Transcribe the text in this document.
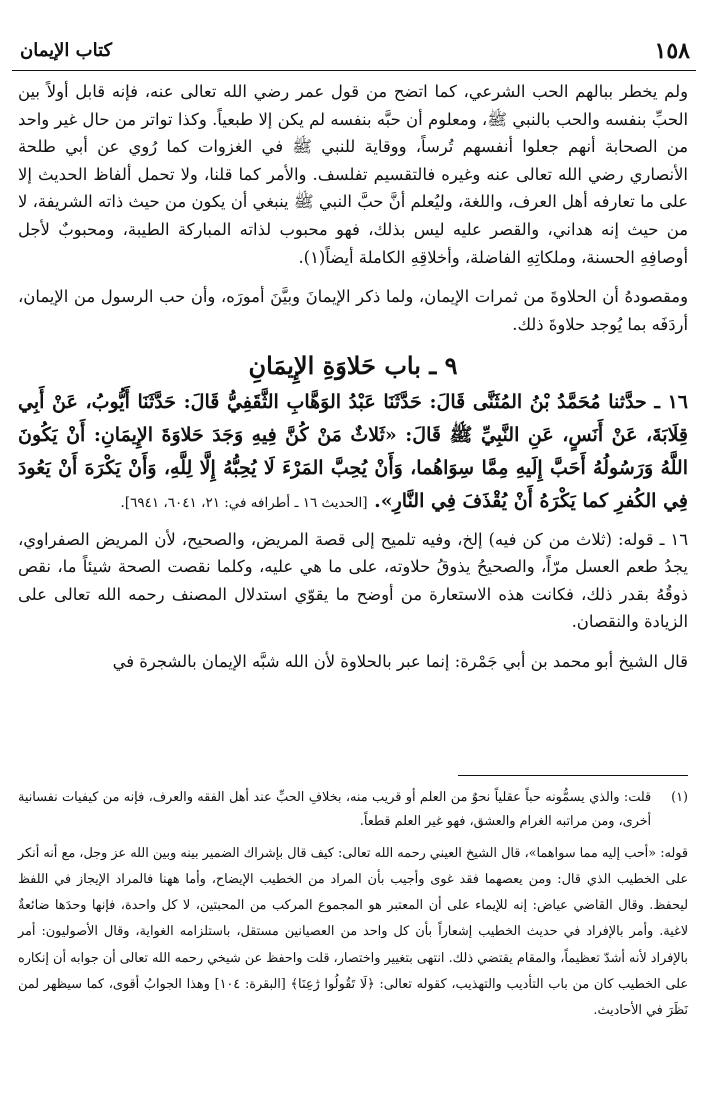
١٥٨
كتاب الإيمان

ولم يخطر ببالهم الحب الشرعي، كما اتضح من قول عمر رضي الله تعالى عنه، فإنه قابل أولاً بين الحبِّ بنفسه والحب بالنبي ﷺ، ومعلوم أن حبَّه بنفسه لم يكن إلا طبعياً. وكذا تواتر من حال غير واحد من الصحابة أنهم جعلوا أنفسهم تُرساً، ووقاية للنبي ﷺ في الغزوات كما رُوي عن أبي طلحة الأنصاري رضي الله تعالى عنه وغيره فالتقسيم تفلسف. والأمر كما قلنا، ولا تحمل ألفاظ الحديث إلا على ما تعارفه أهل العرف، واللغة، وليُعلم أنَّ حبَّ النبي ﷺ ينبغي أن يكون من حيث ذاته الشريفة، لا من حيث إنه هداني، والقصر عليه ليس بذلك، فهو محبوب لذاته المباركة الطيبة، ومحبوبٌ لأجل أوصافِهِ الحسنة، وملكاتِهِ الفاضلة، وأخلاقِهِ الكاملة أيضاً(١).

ومقصودهُ أن الحلاوةَ من ثمرات الإيمان، ولما ذكر الإيمانَ وبيَّنَ أمورَه، وأن حب الرسول من الإيمان، أردَفَه بما يُوجد حلاوةَ ذلك.

٩ ـ باب حَلاوَةِ الإِيمَانِ

١٦ ـ حدَّثنا مُحَمَّدُ بْنُ المُثَنَّى قَالَ: حَدَّثَنَا عَبْدُ الوَهَّابِ الثَّقَفِيُّ قَالَ: حَدَّثَنَا أَيُّوبُ، عَنْ أَبِي قِلَابَةَ، عَنْ أَنَسٍ، عَنِ النَّبِيِّ ﷺ قَالَ: «ثَلاثٌ مَنْ كُنَّ فِيهِ وَجَدَ حَلاوَةَ الإِيمَانِ: أَنْ يَكُونَ اللَّهُ وَرَسُولُهُ أَحَبَّ إِلَيهِ مِمَّا سِوَاهُما، وَأَنْ يُحِبَّ المَرْءَ لَا يُحِبُّهُ إِلَّا لِلَّهِ، وَأَنْ يَكْرَهَ أَنْ يَعُودَ فِي الكُفرِ كما يَكْرَهُ أَنْ يُقْذَفَ فِي النَّارِ». [الحديث ١٦ ـ أطرافه في: ٢١، ٦٠٤١، ٦٩٤١].

١٦ ـ قوله: (ثلاث من كن فيه) إلخ، وفيه تلميح إلى قصة المريض، والصحيح، لأن المريض الصفراوي، يجدُ طعم العسل مرّاً، والصحيحُ يذوقُ حلاوته، على ما هي عليه، وكلما نقصت الصحة شيئاً ما، نقص ذوقُهُ بقدر ذلك، فكانت هذه الاستعارة من أوضح ما يقوّي استدلال المصنف رحمه الله تعالى على الزيادة والنقصان.

قال الشيخ أبو محمد بن أبي جَمْرة: إنما عبر بالحلاوة لأن الله شبَّه الإيمان بالشجرة في

(١)

قلت: والذي يسمُّونه حباً عقلياً نحوٌ من العلم أو قريب منه، بخلافِ الحبِّ عند أهل الفقه والعرف، فإنه من كيفيات نفسانية أخرى، ومن مراتبه الغرام والعشق، فهو غير العلم قطعاً.

قوله: «أحب إليه مما سواهما»، قال الشيخ العيني رحمه الله تعالى: كيف قال بإشراك الضمير بينه وبين الله عز وجل، مع أنه أنكر على الخطيب الذي قال: ومن يعصهما فقد غوى وأجيب بأن المراد من الخطيب الإيضاح، وأما ههنا فالمراد الإيجاز في اللفظ ليحفظ. وقال القاضي عياض: إنه للإيماء على أن المعتبر هو المجموع المركب من المحبتين، لا كل واحدة، فإنها وحدَها ضائعةٌ لاغية. وأمر بالإفراد في حديث الخطيب إشعاراً بأن كل واحد من العصيانين مستقل، باستلزامه الغواية، وقال الأصوليون: أمر بالإفراد لأنه أشدّ تعظيماً، والمقام يقتضي ذلك. انتهى بتغيير واختصار، قلت واحفظ عن شيخي رحمه الله تعالى أن جوابه أن إنكاره على الخطيب كان من باب التأديب والتهذيب، كقوله تعالى: ﴿لَا تَقُولُوا رَٰعِنَا﴾ [البقرة: ١٠٤] وهذا الجوابُ أقوى، كما سيظهر لمن نَظَرَ في الأحاديث.
